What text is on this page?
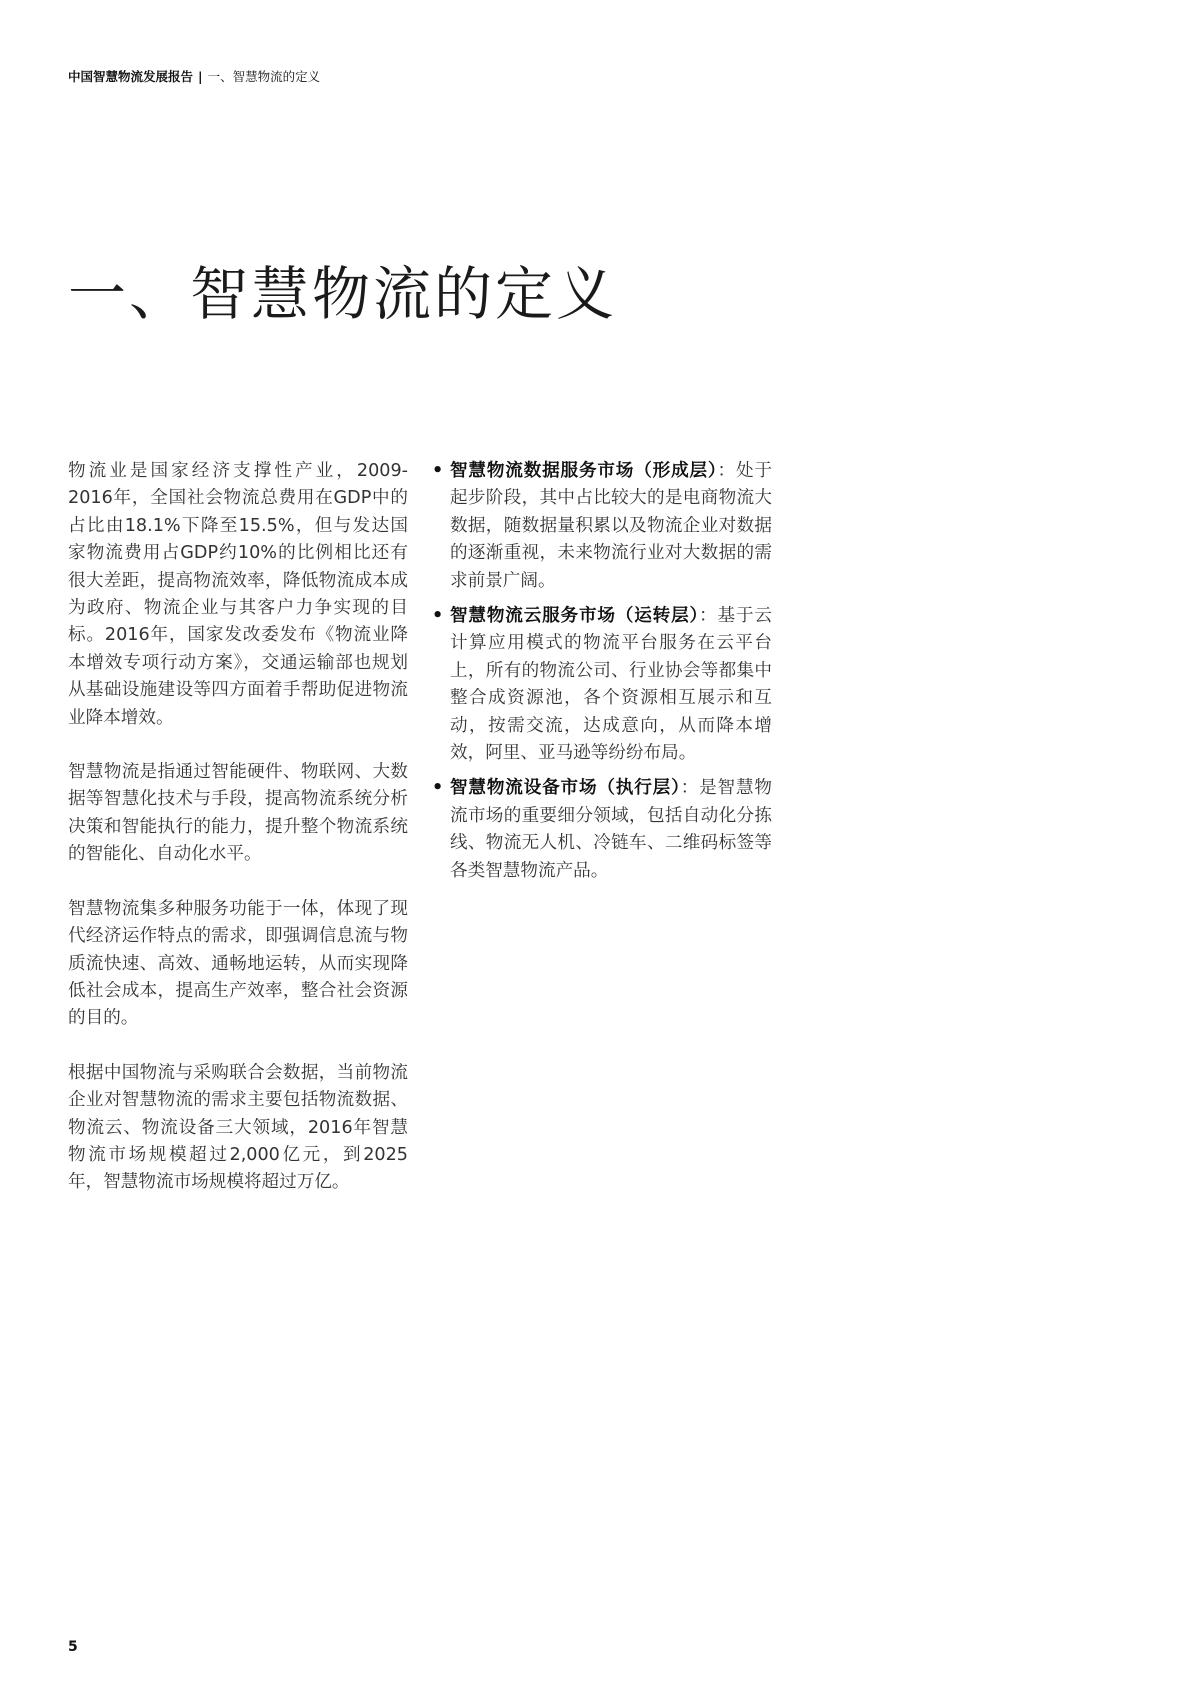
中国智慧物流发展报告 | 一、智慧物流的定义
一、智慧物流的定义

物流业是国家经济支撑性产业，2009-2016年，全国社会物流总费用在GDP中的占比由18.1%下降至15.5%，但与发达国家物流费用占GDP约10%的比例相比还有很大差距，提高物流效率，降低物流成本成为政府、物流企业与其客户力争实现的目标。2016年，国家发改委发布《物流业降本增效专项行动方案》，交通运输部也规划从基础设施建设等四方面着手帮助促进物流业降本增效。

智慧物流是指通过智能硬件、物联网、大数据等智慧化技术与手段，提高物流系统分析决策和智能执行的能力，提升整个物流系统的智能化、自动化水平。

智慧物流集多种服务功能于一体，体现了现代经济运作特点的需求，即强调信息流与物质流快速、高效、通畅地运转，从而实现降低社会成本，提高生产效率，整合社会资源的目的。

根据中国物流与采购联合会数据，当前物流企业对智慧物流的需求主要包括物流数据、物流云、物流设备三大领域，2016年智慧物流市场规模超过2,000亿元，到2025年，智慧物流市场规模将超过万亿。

• 智慧物流数据服务市场（形成层）：处于起步阶段，其中占比较大的是电商物流大数据，随数据量积累以及物流企业对数据的逐渐重视，未来物流行业对大数据的需求前景广阔。
• 智慧物流云服务市场（运转层）：基于云计算应用模式的物流平台服务在云平台上，所有的物流公司、行业协会等都集中整合成资源池，各个资源相互展示和互动，按需交流，达成意向，从而降本增效，阿里、亚马逊等纷纷布局。
• 智慧物流设备市场（执行层）：是智慧物流市场的重要细分领域，包括自动化分拣线、物流无人机、冷链车、二维码标签等各类智慧物流产品。
5
